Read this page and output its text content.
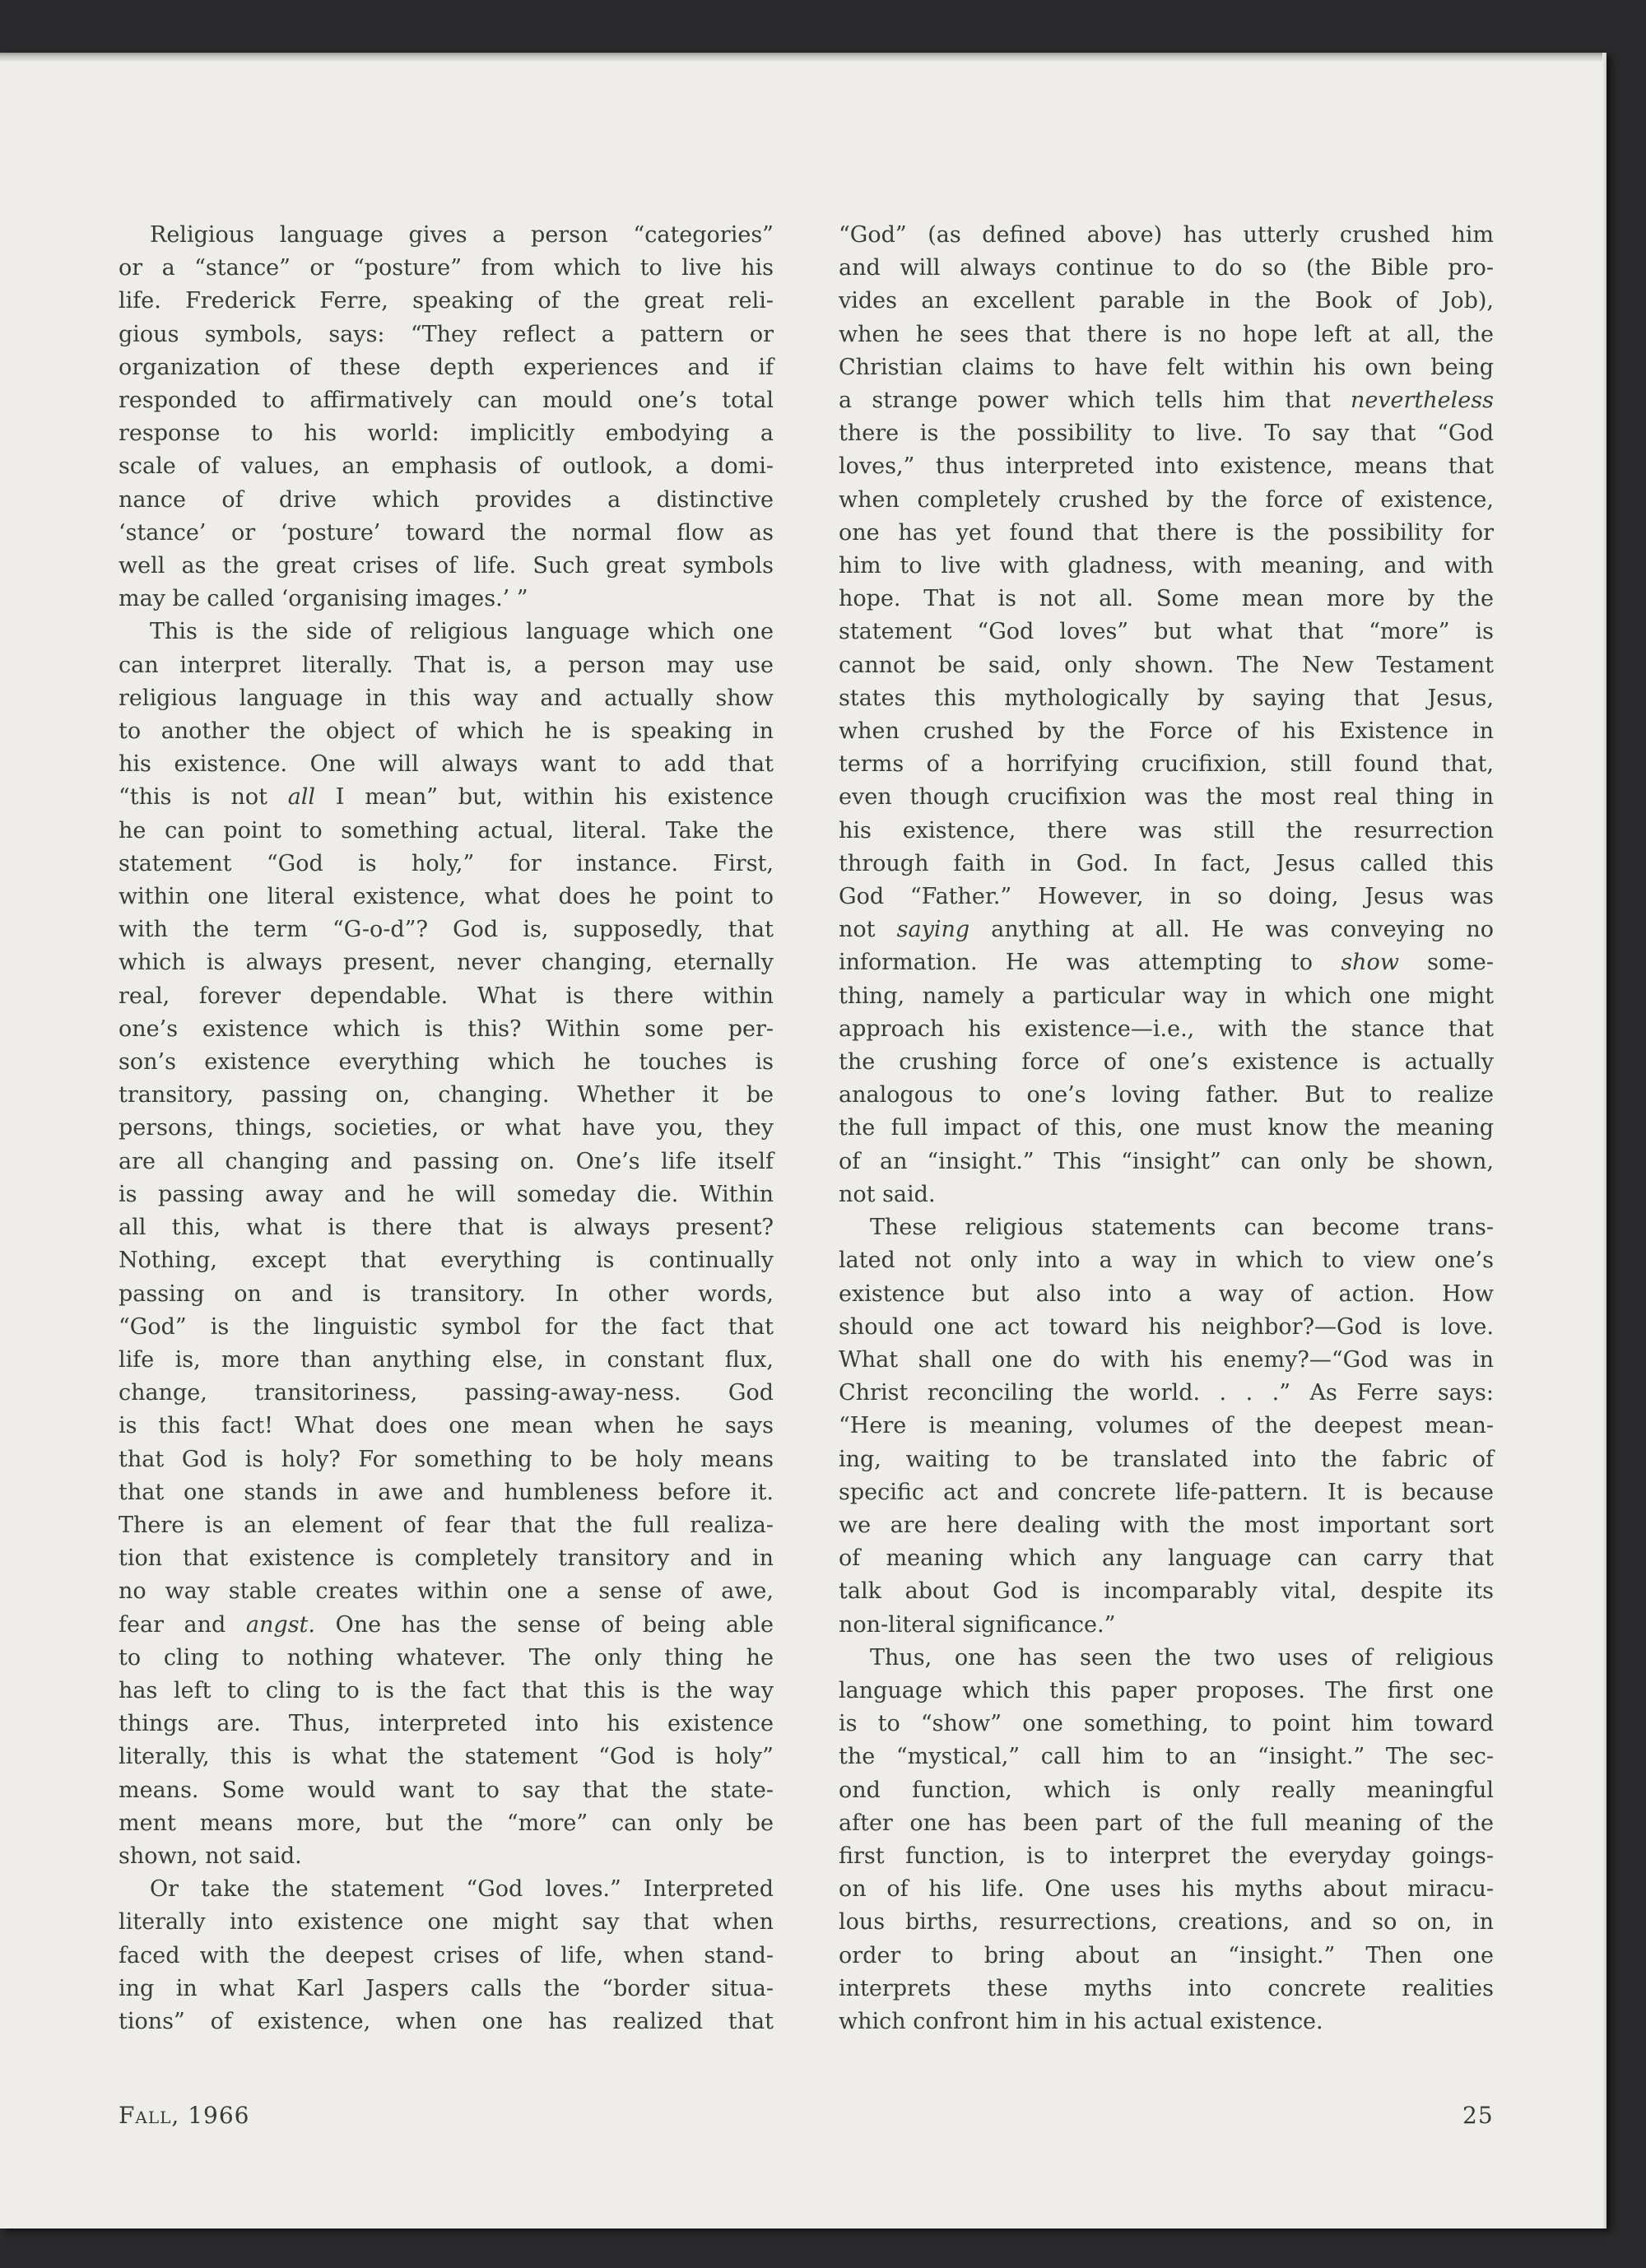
Religious language gives a person “categories”
or a “stance” or “posture” from which to live his
life. Frederick Ferre, speaking of the great reli-
gious symbols, says: “They reflect a pattern or
organization of these depth experiences and if
responded to affirmatively can mould one’s total
response to his world: implicitly embodying a
scale of values, an emphasis of outlook, a domi-
nance of drive which provides a distinctive
‘stance’ or ‘posture’ toward the normal flow as
well as the great crises of life. Such great symbols
may be called ‘organising images.’ ”
This is the side of religious language which one
can interpret literally. That is, a person may use
religious language in this way and actually show
to another the object of which he is speaking in
his existence. One will always want to add that
“this is not all I mean” but, within his existence
he can point to something actual, literal. Take the
statement “God is holy,” for instance. First,
within one literal existence, what does he point to
with the term “G-o-d”? God is, supposedly, that
which is always present, never changing, eternally
real, forever dependable. What is there within
one’s existence which is this? Within some per-
son’s existence everything which he touches is
transitory, passing on, changing. Whether it be
persons, things, societies, or what have you, they
are all changing and passing on. One’s life itself
is passing away and he will someday die. Within
all this, what is there that is always present?
Nothing, except that everything is continually
passing on and is transitory. In other words,
“God” is the linguistic symbol for the fact that
life is, more than anything else, in constant flux,
change, transitoriness, passing-away-ness. God
is this fact! What does one mean when he says
that God is holy? For something to be holy means
that one stands in awe and humbleness before it.
There is an element of fear that the full realiza-
tion that existence is completely transitory and in
no way stable creates within one a sense of awe,
fear and angst. One has the sense of being able
to cling to nothing whatever. The only thing he
has left to cling to is the fact that this is the way
things are. Thus, interpreted into his existence
literally, this is what the statement “God is holy”
means. Some would want to say that the state-
ment means more, but the “more” can only be
shown, not said.
Or take the statement “God loves.” Interpreted
literally into existence one might say that when
faced with the deepest crises of life, when stand-
ing in what Karl Jaspers calls the “border situa-
tions” of existence, when one has realized that
“God” (as defined above) has utterly crushed him
and will always continue to do so (the Bible pro-
vides an excellent parable in the Book of Job),
when he sees that there is no hope left at all, the
Christian claims to have felt within his own being
a strange power which tells him that nevertheless
there is the possibility to live. To say that “God
loves,” thus interpreted into existence, means that
when completely crushed by the force of existence,
one has yet found that there is the possibility for
him to live with gladness, with meaning, and with
hope. That is not all. Some mean more by the
statement “God loves” but what that “more” is
cannot be said, only shown. The New Testament
states this mythologically by saying that Jesus,
when crushed by the Force of his Existence in
terms of a horrifying crucifixion, still found that,
even though crucifixion was the most real thing in
his existence, there was still the resurrection
through faith in God. In fact, Jesus called this
God “Father.” However, in so doing, Jesus was
not saying anything at all. He was conveying no
information. He was attempting to show some-
thing, namely a particular way in which one might
approach his existence—i.e., with the stance that
the crushing force of one’s existence is actually
analogous to one’s loving father. But to realize
the full impact of this, one must know the meaning
of an “insight.” This “insight” can only be shown,
not said.
These religious statements can become trans-
lated not only into a way in which to view one’s
existence but also into a way of action. How
should one act toward his neighbor?—God is love.
What shall one do with his enemy?—“God was in
Christ reconciling the world. . . .” As Ferre says:
“Here is meaning, volumes of the deepest mean-
ing, waiting to be translated into the fabric of
specific act and concrete life-pattern. It is because
we are here dealing with the most important sort
of meaning which any language can carry that
talk about God is incomparably vital, despite its
non-literal significance.”
Thus, one has seen the two uses of religious
language which this paper proposes. The first one
is to “show” one something, to point him toward
the “mystical,” call him to an “insight.” The sec-
ond function, which is only really meaningful
after one has been part of the full meaning of the
first function, is to interpret the everyday goings-
on of his life. One uses his myths about miracu-
lous births, resurrections, creations, and so on, in
order to bring about an “insight.” Then one
interprets these myths into concrete realities
which confront him in his actual existence.
Fall, 1966	25
